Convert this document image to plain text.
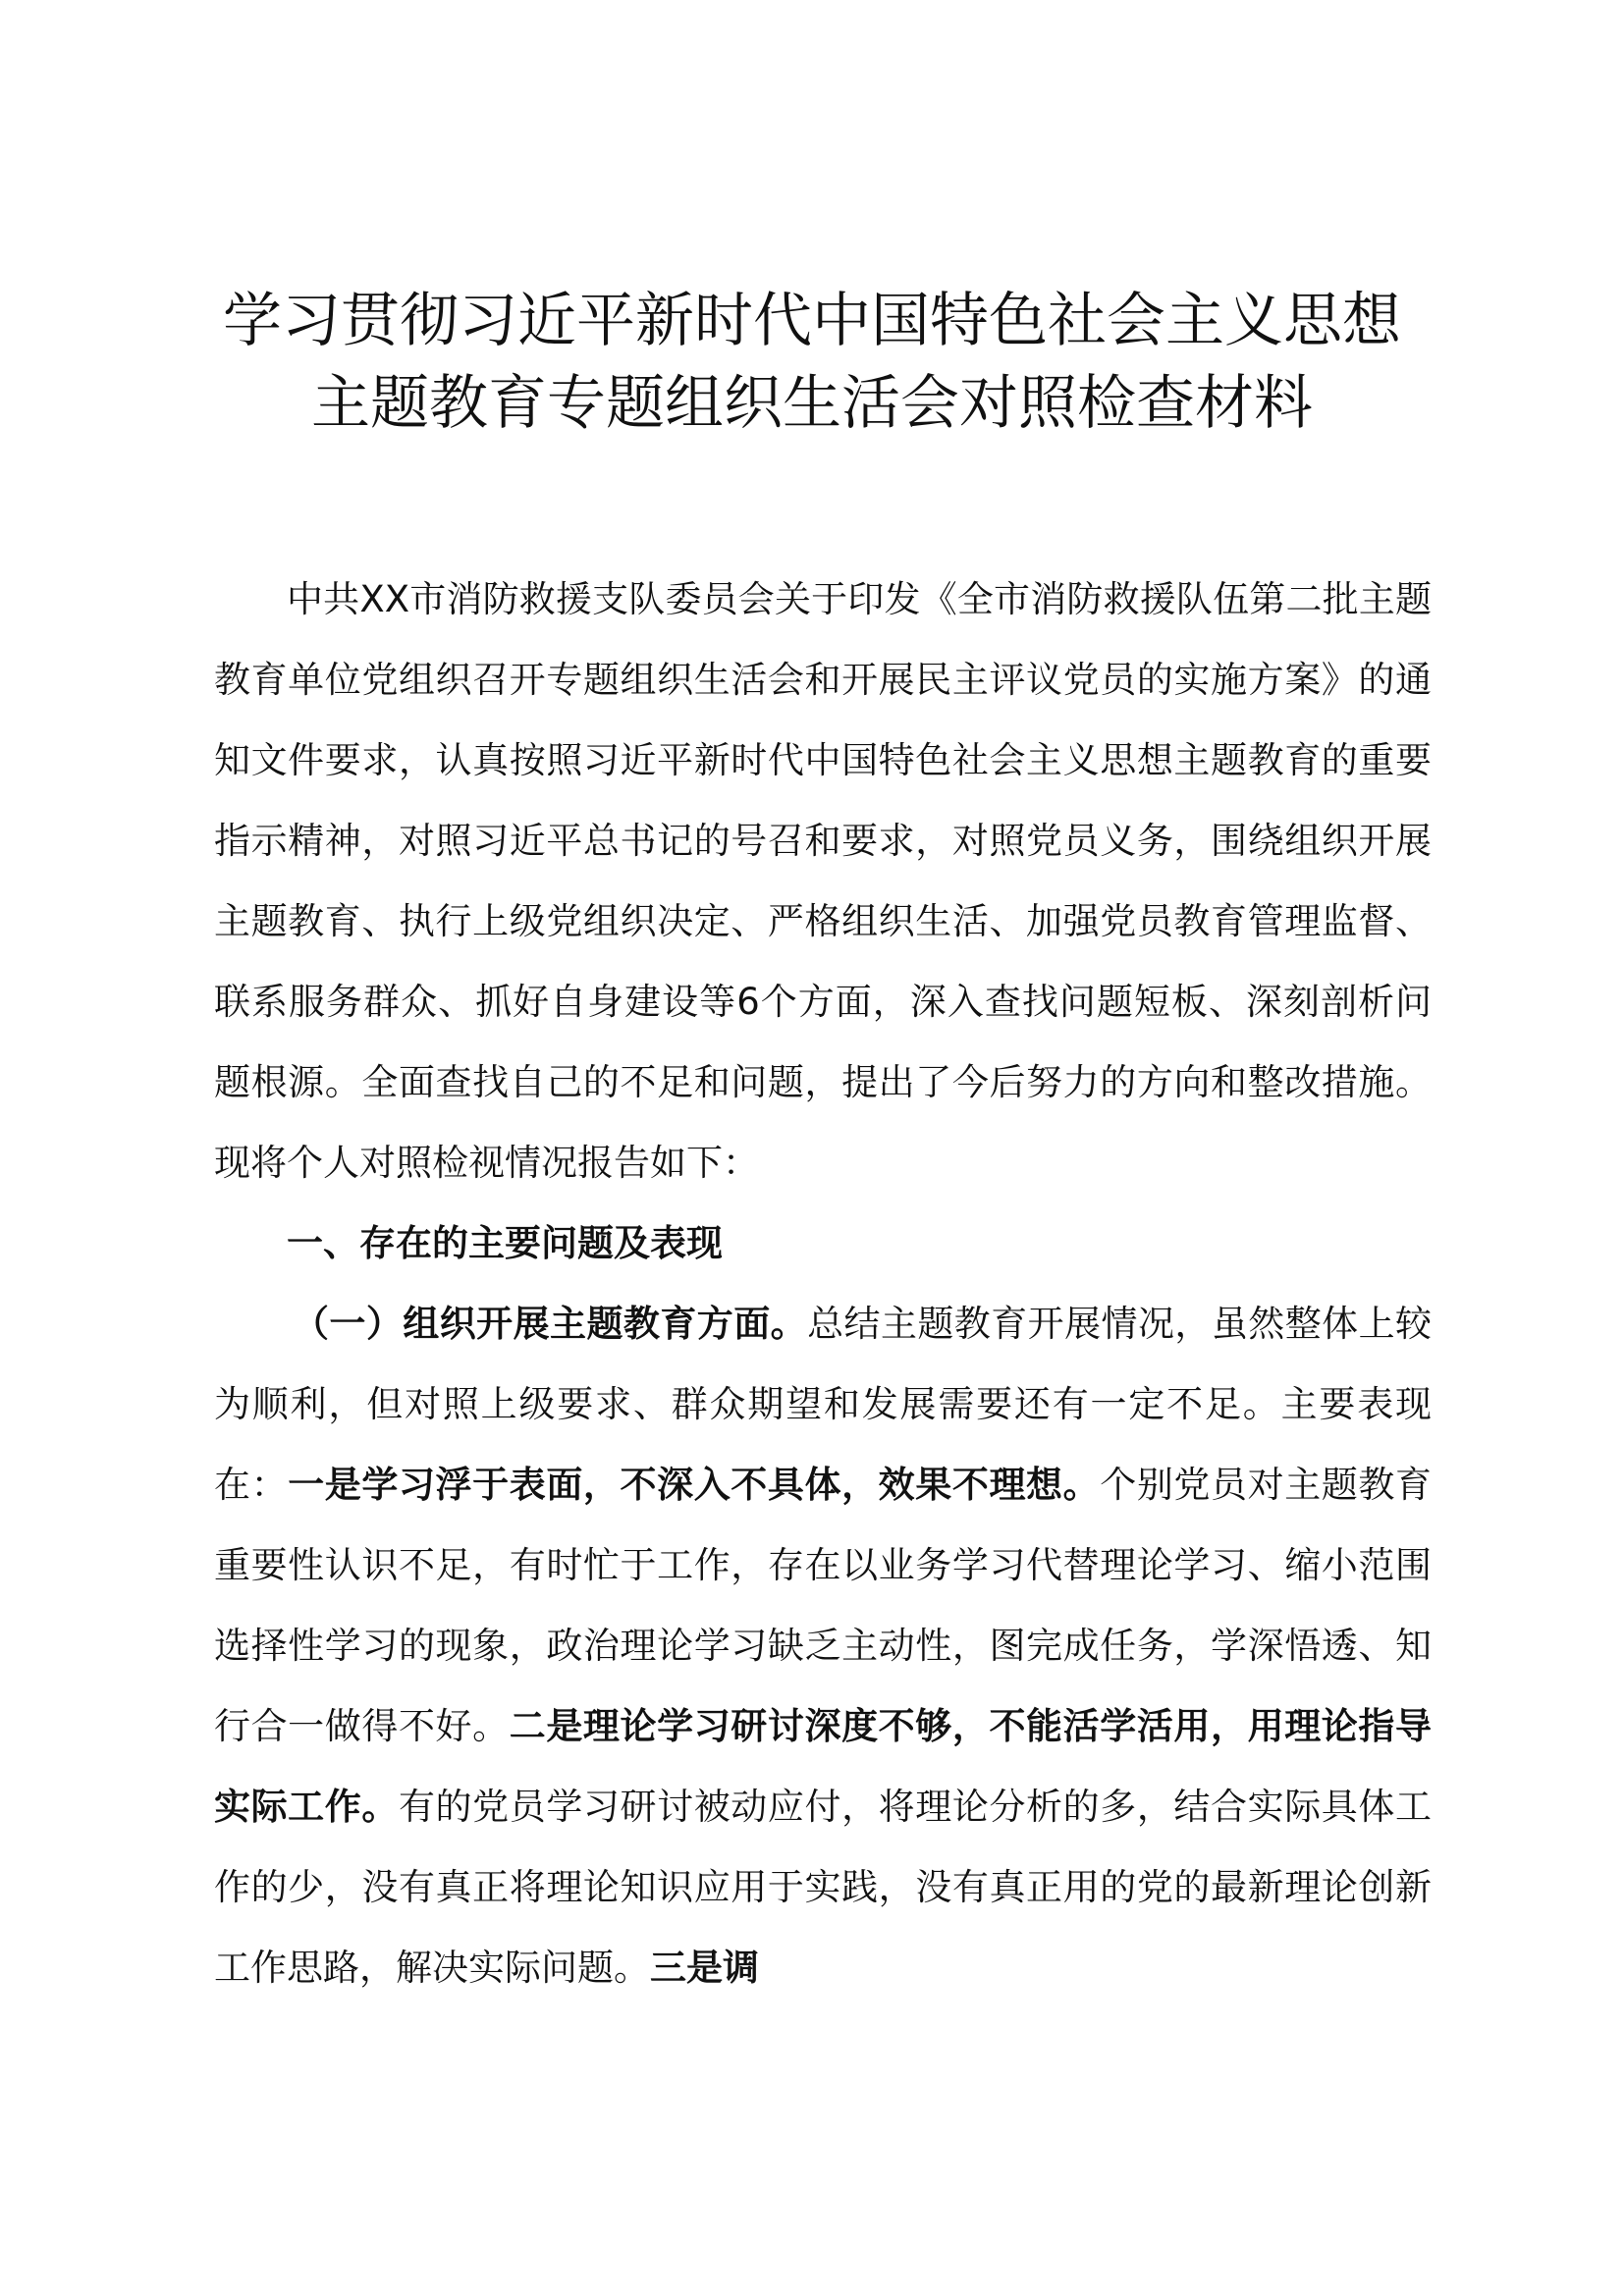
学习贯彻习近平新时代中国特色社会主义思想
主题教育专题组织生活会对照检查材料

中共XX市消防救援支队委员会关于印发《全市消防救援队伍第二批主题教育单位党组织召开专题组织生活会和开展民主评议党员的实施方案》的通知文件要求，认真按照习近平新时代中国特色社会主义思想主题教育的重要指示精神，对照习近平总书记的号召和要求，对照党员义务，围绕组织开展主题教育、执行上级党组织决定、严格组织生活、加强党员教育管理监督、联系服务群众、抓好自身建设等6个方面，深入查找问题短板、深刻剖析问题根源。全面查找自己的不足和问题，提出了今后努力的方向和整改措施。现将个人对照检视情况报告如下：

一、存在的主要问题及表现

（一）组织开展主题教育方面。总结主题教育开展情况，虽然整体上较为顺利，但对照上级要求、群众期望和发展需要还有一定不足。主要表现在：一是学习浮于表面，不深入不具体，效果不理想。个别党员对主题教育重要性认识不足，有时忙于工作，存在以业务学习代替理论学习、缩小范围选择性学习的现象，政治理论学习缺乏主动性，图完成任务，学深悟透、知行合一做得不好。二是理论学习研讨深度不够，不能活学活用，用理论指导实际工作。有的党员学习研讨被动应付，将理论分析的多，结合实际具体工作的少，没有真正将理论知识应用于实践，没有真正用的党的最新理论创新工作思路，解决实际问题。三是调
